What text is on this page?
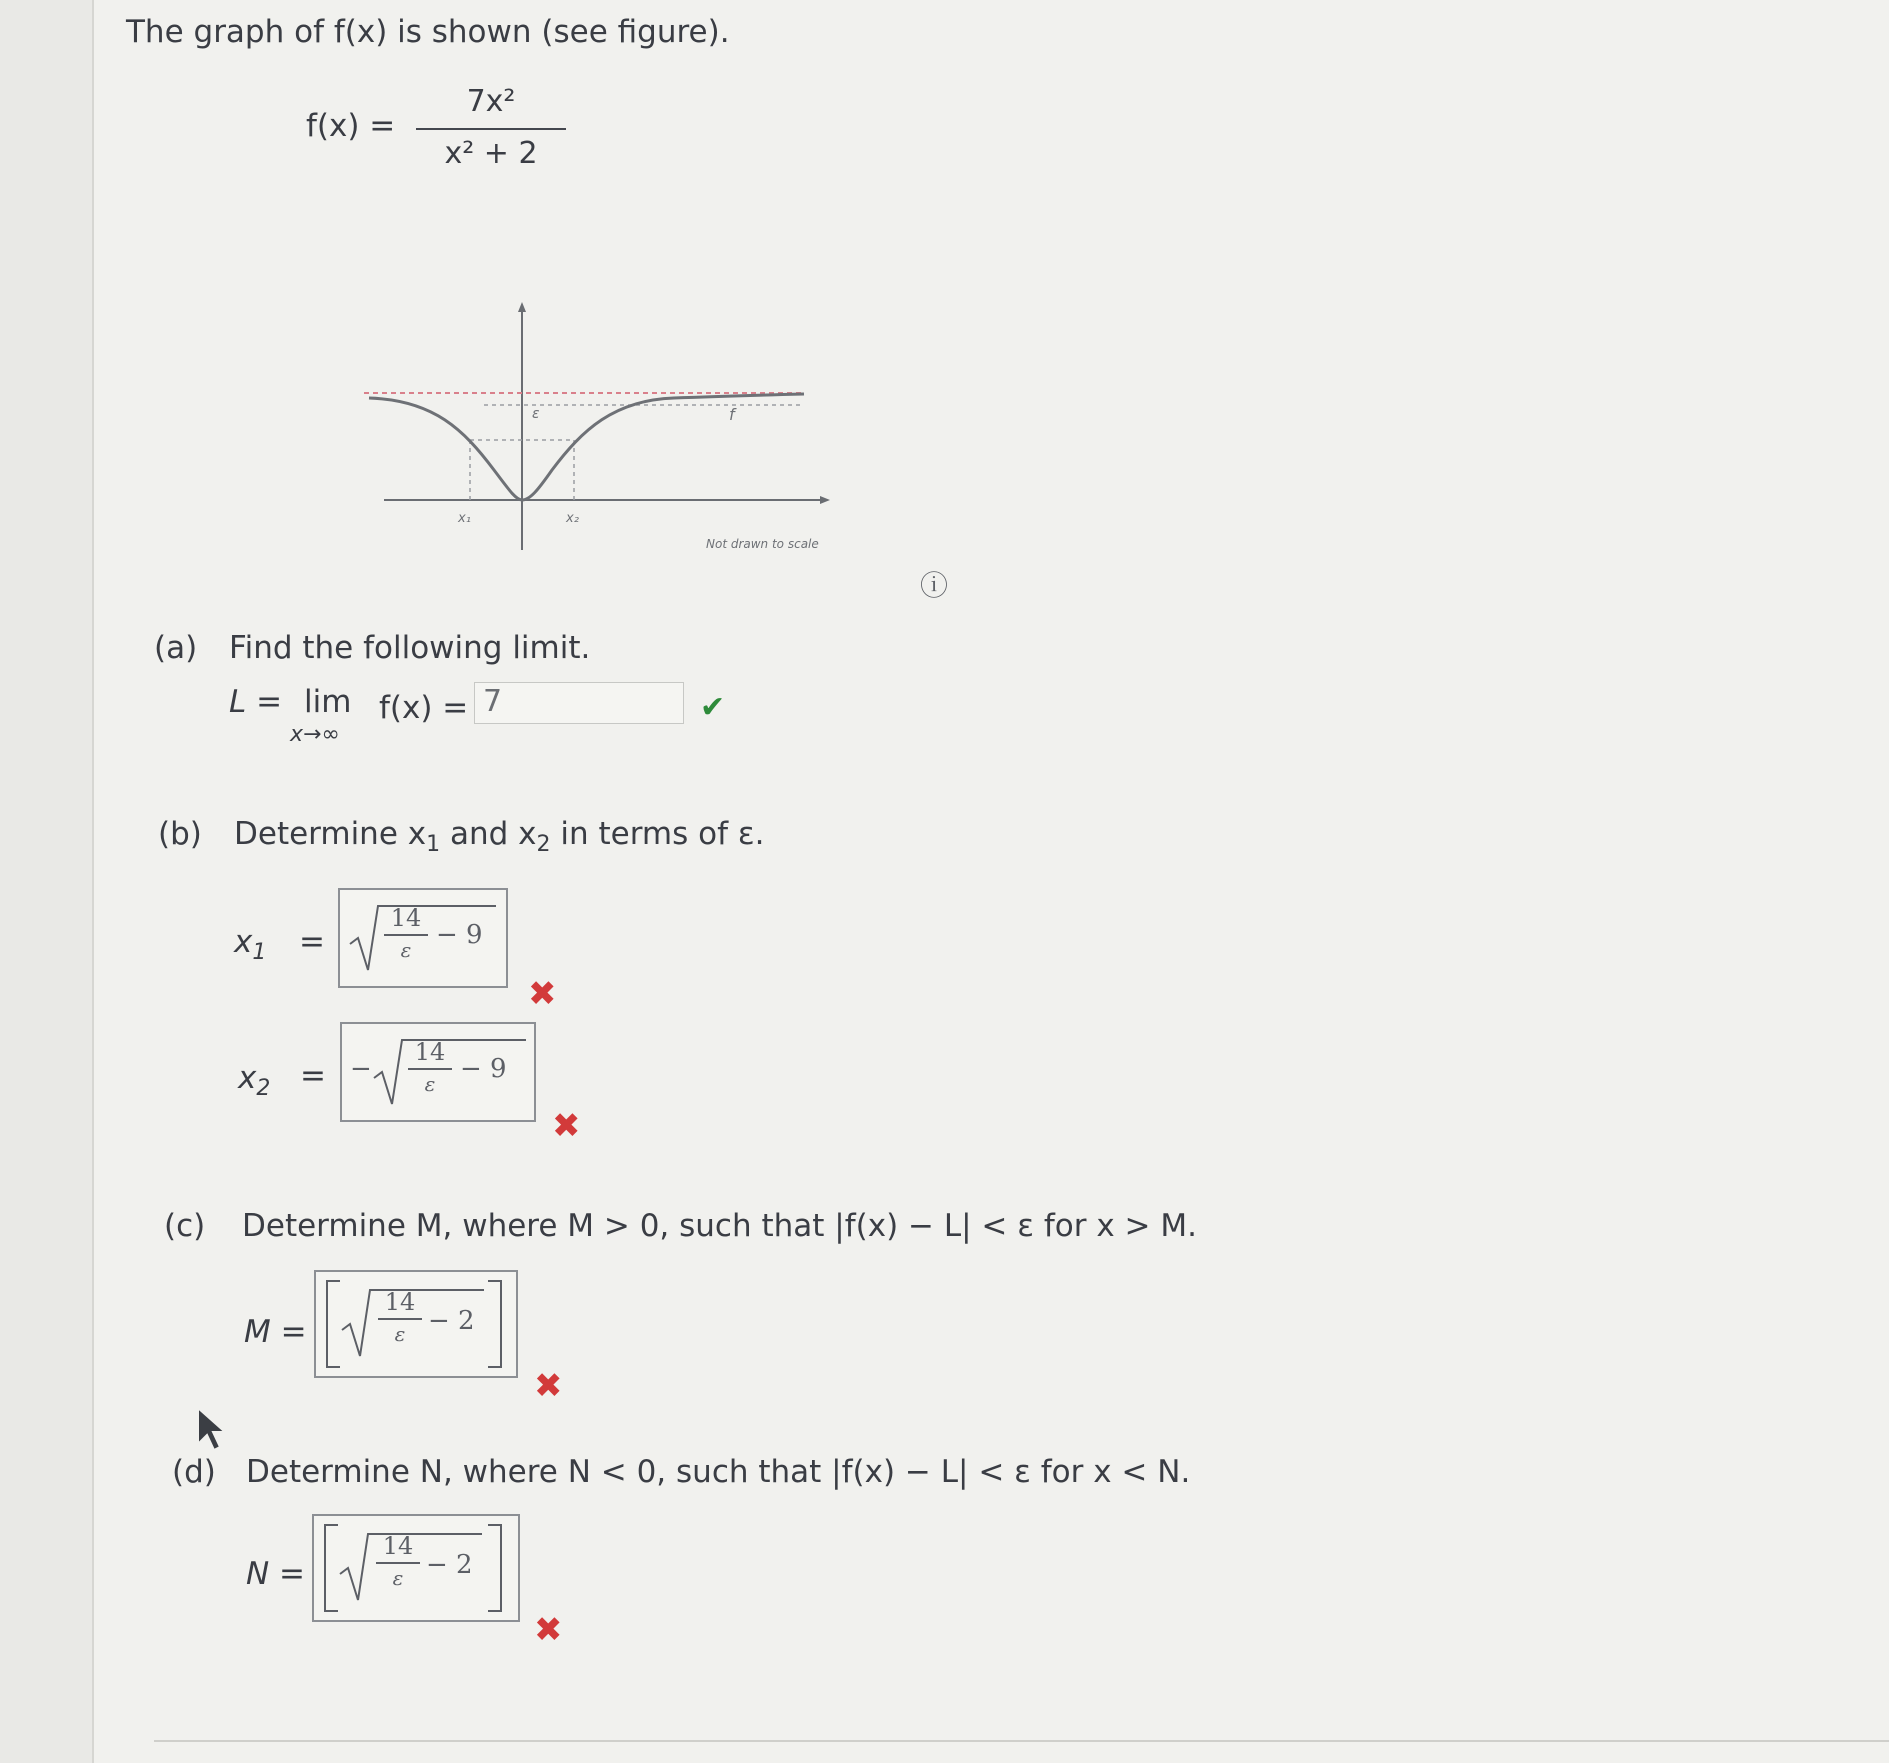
The graph of f(x) is shown (see figure).
f(x) =
7x²
x² + 2
f
ε
x₁	x₂
Not drawn to scale
ⓘ
(a) Find the following limit.
L = lim
x→∞
f(x) = 7	✔
(b) Determine $x_1$ and $x_2$ in terms of ε.
$x_1$ =
14
ε − 9
✖
$x_2$ = −
14
ε − 9
✖
(c) Determine M, where M > 0, such that |f(x) − L| < ε for x > M.
M =
14
ε − 2
✖
(d) Determine N, where N < 0, such that |f(x) − L| < ε for x < N.
N =
14
ε − 2
✖
